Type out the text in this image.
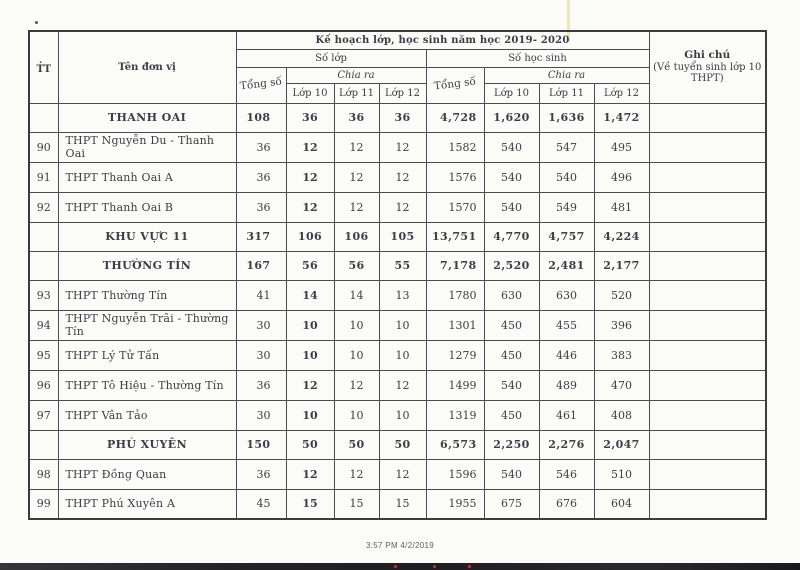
.
TT	Tên đơn vị	Kế hoạch lớp, học sinh năm học 2019- 2020								Ghi chú
(Về tuyển sinh lớp 10 THPT)
		Số lớp				Số học sinh				
		Tổng số	Chia ra			Tổng số	Chia ra			
			Lớp 10	Lớp 11	Lớp 12		Lớp 10	Lớp 11	Lớp 12	
	THANH OAI	108	36	36	36	4,728	1,620	1,636	1,472	
90	THPT Nguyễn Du - Thanh Oai	36	12	12	12	1582	540	547	495	
91	THPT Thanh Oai A	36	12	12	12	1576	540	540	496	
92	THPT Thanh Oai B	36	12	12	12	1570	540	549	481	
	KHU VỰC 11	317	106	106	105	13,751	4,770	4,757	4,224	
	THƯỜNG TÍN	167	56	56	55	7,178	2,520	2,481	2,177	
93	THPT Thường Tín	41	14	14	13	1780	630	630	520	
94	THPT Nguyễn Trãi - Thường Tín	30	10	10	10	1301	450	455	396	
95	THPT Lý Tử Tấn	30	10	10	10	1279	450	446	383	
96	THPT Tô Hiệu - Thường Tín	36	12	12	12	1499	540	489	470	
97	THPT Vân Tảo	30	10	10	10	1319	450	461	408	
	PHÚ XUYÊN	150	50	50	50	6,573	2,250	2,276	2,047	
98	THPT Đồng Quan	36	12	12	12	1596	540	546	510	
99	THPT Phú Xuyên A	45	15	15	15	1955	675	676	604	
3:57 PM 4/2/2019
